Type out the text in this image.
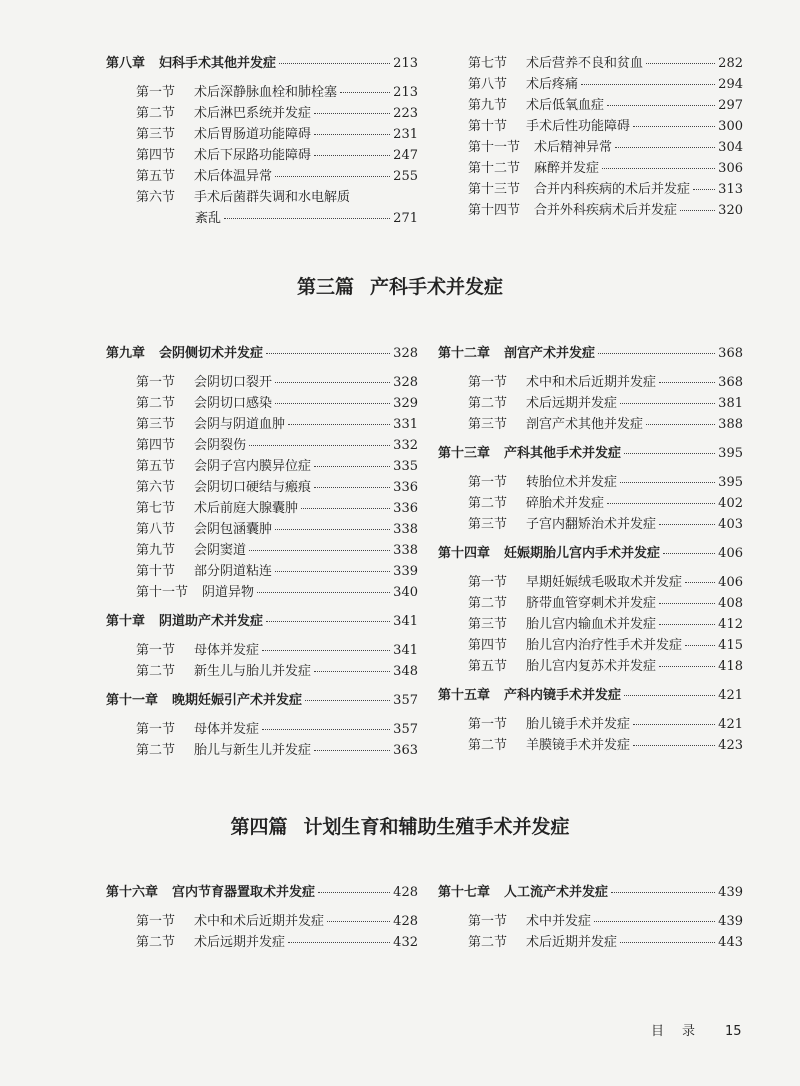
第八章 妇科手术其他并发症	213
第一节	术后深静脉血栓和肺栓塞	213
第二节	术后淋巴系统并发症	223
第三节	术后胃肠道功能障碍	231
第四节	术后下尿路功能障碍	247
第五节	术后体温异常	255
第六节	手术后菌群失调和水电解质
紊乱	271
第七节	术后营养不良和贫血	282
第八节	术后疼痛	294
第九节	术后低氧血症	297
第十节	手术后性功能障碍	300
第十一节 术后精神异常	304
第十二节 麻醉并发症	306
第十三节 合并内科疾病的术后并发症 313
第十四节 合并外科疾病术后并发症	320
第三篇 产科手术并发症
第九章 会阴侧切术并发症	328
第一节	会阴切口裂开	328
第二节	会阴切口感染	329
第三节	会阴与阴道血肿	331
第四节	会阴裂伤	332
第五节	会阴子宫内膜异位症	335
第六节	会阴切口硬结与瘢痕	336
第七节	术后前庭大腺囊肿	336
第八节	会阴包涵囊肿	338
第九节	会阴窦道	338
第十节	部分阴道粘连	339
第十一节 阴道异物	340
第十章 阴道助产术并发症	341
第一节	母体并发症	341
第二节	新生儿与胎儿并发症	348
第十一章 晚期妊娠引产术并发症	357
第一节	母体并发症	357
第二节	胎儿与新生儿并发症	363
第十二章 剖宫产术并发症	368
第一节	术中和术后近期并发症	368
第二节	术后远期并发症	381
第三节	剖宫产术其他并发症	388
第十三章 产科其他手术并发症	395
第一节	转胎位术并发症	395
第二节	碎胎术并发症	402
第三节	子宫内翻矫治术并发症	403
第十四章 妊娠期胎儿宫内手术并发症	406
第一节	早期妊娠绒毛吸取术并发症	406
第二节	脐带血管穿刺术并发症	408
第三节	胎儿宫内输血术并发症	412
第四节	胎儿宫内治疗性手术并发症	415
第五节	胎儿宫内复苏术并发症	418
第十五章 产科内镜手术并发症	421
第一节	胎儿镜手术并发症	421
第二节	羊膜镜手术并发症	423
第四篇 计划生育和辅助生殖手术并发症
第十六章 宫内节育器置取术并发症	428
第一节	术中和术后近期并发症	428
第二节	术后远期并发症	432
第十七章 人工流产术并发症	439
第一节	术中并发症	439
第二节	术后近期并发症	443
目录 15
